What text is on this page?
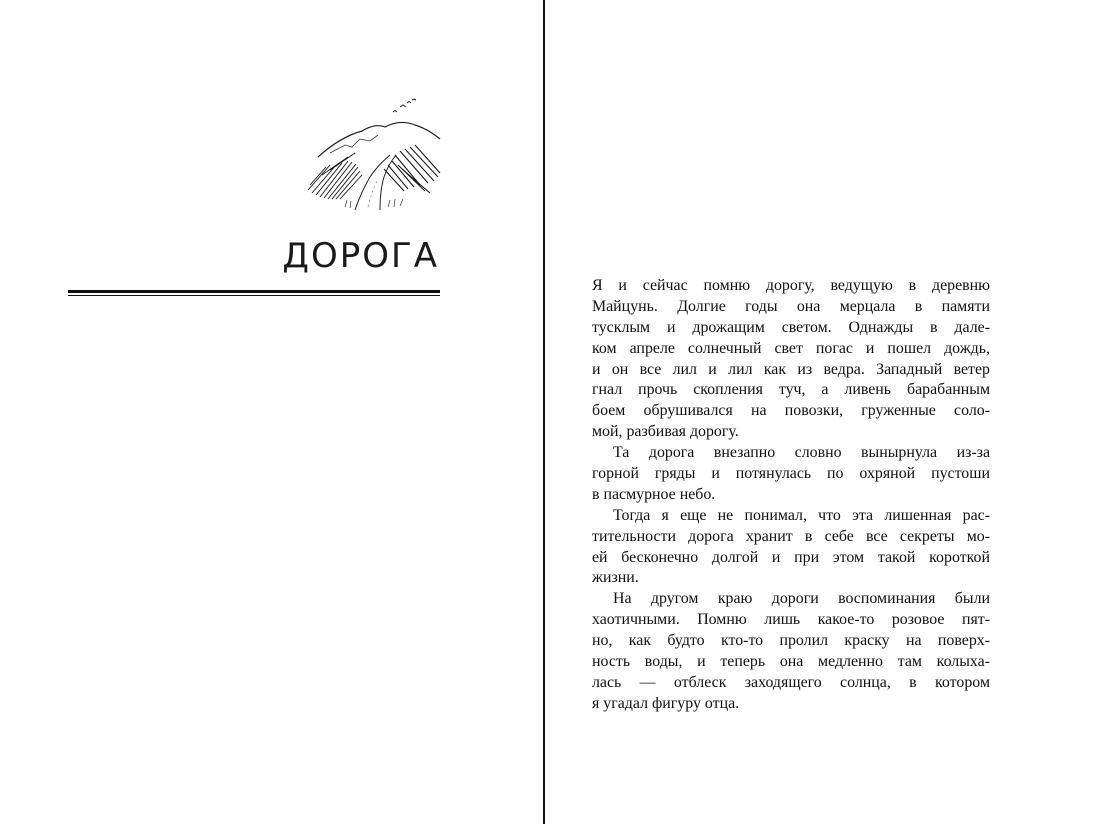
ДОРОГА

Я и сейчас помню дорогу, ведущую в деревню
Майцунь. Долгие годы она мерцала в памяти
тусклым и дрожащим светом. Однажды в дале-
ком апреле солнечный свет погас и пошел дождь,
и он все лил и лил как из ведра. Западный ветер
гнал прочь скопления туч, а ливень барабанным
боем обрушивался на повозки, груженные соло-
мой, разбивая дорогу.

Та дорога внезапно словно вынырнула из-за
горной гряды и потянулась по охряной пустоши
в пасмурное небо.

Тогда я еще не понимал, что эта лишенная рас-
тительности дорога хранит в себе все секреты мо-
ей бесконечно долгой и при этом такой короткой
жизни.

На другом краю дороги воспоминания были
хаотичными. Помню лишь какое-то розовое пят-
но, как будто кто-то пролил краску на поверх-
ность воды, и теперь она медленно там колыха-
лась — отблеск заходящего солнца, в котором
я угадал фигуру отца.
